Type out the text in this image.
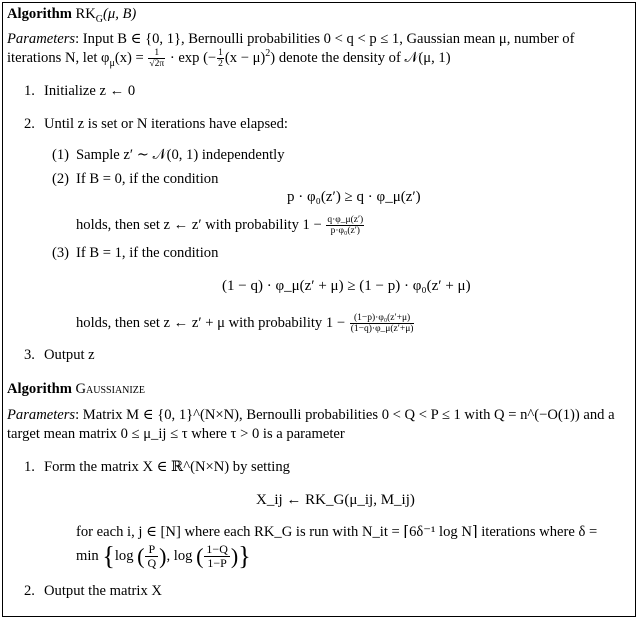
Algorithm $RK_G(\mu$, B)
Parameters: Input B ∈ {0, 1}, Bernoulli probabilities 0 < q < p ≤ 1, Gaussian mean μ, number of
iterations N, let $\varphi_\mu(x) = \frac{1}{√2\pi} \cdot \exp$ (− $\frac{1}{2} (x - \mu)^2$) denote the density of 𝒩(μ, 1)
1. Initialize z ← 0
2. Until z is set or N iterations have elapsed:
(1) Sample z′ ∼ 𝒩(0, 1) independently
(2) If B = 0, if the condition
p · φ₀(z′) ≥ q · φ_μ(z′)
holds, then set z ← z′ with probability $1 - \frac{q\cdot\varphi\_\mu(z')}{\text{p·φ₀(z′)}}$
(3) If B = 1, if the condition
(1 − q) · φ_μ(z′ + μ) ≥ (1 − p) · φ₀(z′ + μ)
holds, then set z ← z′ + μ with probability $1 - \frac{\text{(1−p)·φ₀(z′+μ)}}{(1-q)\cdot\varphi\_\mu(z'+\mu)}$
3. Output z
Algorithm Gaussianize
Parameters: Matrix M ∈ {0, 1}^(N×N), Bernoulli probabilities 0 < Q < P ≤ 1 with Q = n^(−O(1)) and a
target mean matrix 0 ≤ μ_ij ≤ τ where τ > 0 is a parameter
1. Form the matrix X ∈ ℝ^(N×N) by setting
X_ij ← RK_G(μ_ij, M_ij)
for each i, j ∈ [N] where each RK_G is run with N_it = ⌈6δ⁻¹ log N⌉ iterations where δ =
min {log ( $\frac{P}{Q}$ ), log ( $\frac{1-Q}{1-P}$ )}
2. Output the matrix X
